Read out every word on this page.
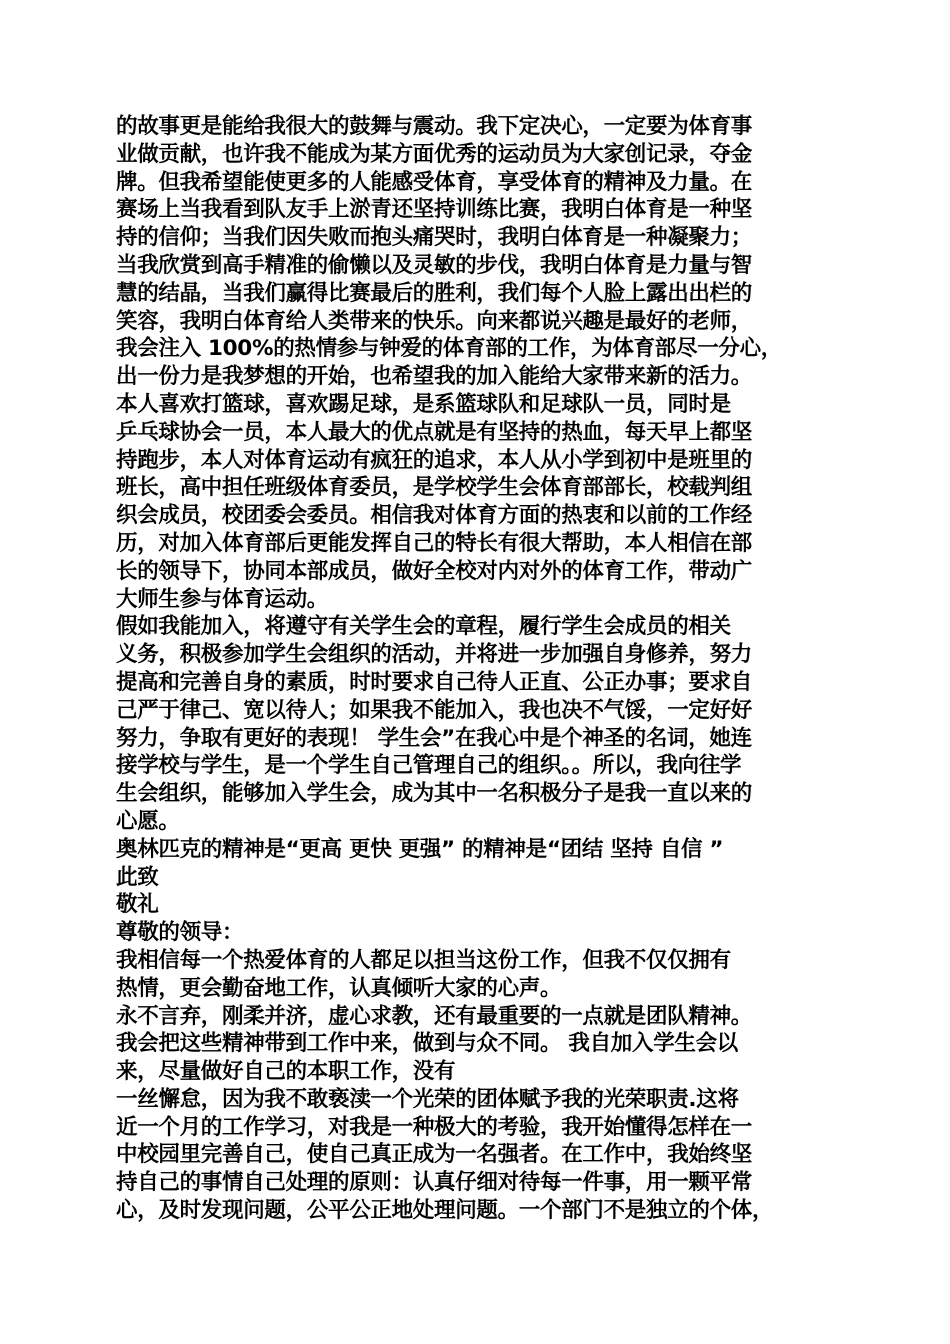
的故事更是能给我很大的鼓舞与震动。我下定决心，一定要为体育事
业做贡献，也许我不能成为某方面优秀的运动员为大家创记录，夺金
牌。但我希望能使更多的人能感受体育，享受体育的精神及力量。在
赛场上当我看到队友手上淤青还坚持训练比赛，我明白体育是一种坚
持的信仰；当我们因失败而抱头痛哭时，我明白体育是一种凝聚力；
当我欣赏到高手精准的偷懒以及灵敏的步伐，我明白体育是力量与智
慧的结晶，当我们赢得比赛最后的胜利，我们每个人脸上露出出栏的
笑容，我明白体育给人类带来的快乐。向来都说兴趣是最好的老师，
我会注入 100%的热情参与钟爱的体育部的工作，为体育部尽一分心，
出一份力是我梦想的开始，也希望我的加入能给大家带来新的活力。
本人喜欢打篮球，喜欢踢足球，是系篮球队和足球队一员，同时是
乒乓球协会一员，本人最大的优点就是有坚持的热血，每天早上都坚
持跑步，本人对体育运动有疯狂的追求，本人从小学到初中是班里的
班长，高中担任班级体育委员，是学校学生会体育部部长，校载判组
织会成员，校团委会委员。相信我对体育方面的热衷和以前的工作经
历，对加入体育部后更能发挥自己的特长有很大帮助，本人相信在部
长的领导下，协同本部成员，做好全校对内对外的体育工作，带动广
大师生参与体育运动。
假如我能加入，将遵守有关学生会的章程，履行学生会成员的相关
义务，积极参加学生会组织的活动，并将进一步加强自身修养，努力
提高和完善自身的素质，时时要求自己待人正直、公正办事；要求自
己严于律己、宽以待人；如果我不能加入，我也决不气馁，一定好好
努力，争取有更好的表现！ 学生会”在我心中是个神圣的名词，她连
接学校与学生，是一个学生自己管理自己的组织。。所以，我向往学
生会组织，能够加入学生会，成为其中一名积极分子是我一直以来的
心愿。
奥林匹克的精神是“更高 更快 更强” 的精神是“团结 坚持 自信 ”
此致
敬礼
尊敬的领导：
我相信每一个热爱体育的人都足以担当这份工作，但我不仅仅拥有
热情，更会勤奋地工作，认真倾听大家的心声。
永不言弃，刚柔并济，虚心求教，还有最重要的一点就是团队精神。
我会把这些精神带到工作中来，做到与众不同。 我自加入学生会以
来，尽量做好自己的本职工作，没有
一丝懈怠，因为我不敢亵渎一个光荣的团体赋予我的光荣职责.这将
近一个月的工作学习，对我是一种极大的考验，我开始懂得怎样在一
中校园里完善自己，使自己真正成为一名强者。在工作中，我始终坚
持自己的事情自己处理的原则：认真仔细对待每一件事，用一颗平常
心，及时发现问题，公平公正地处理问题。一个部门不是独立的个体，
